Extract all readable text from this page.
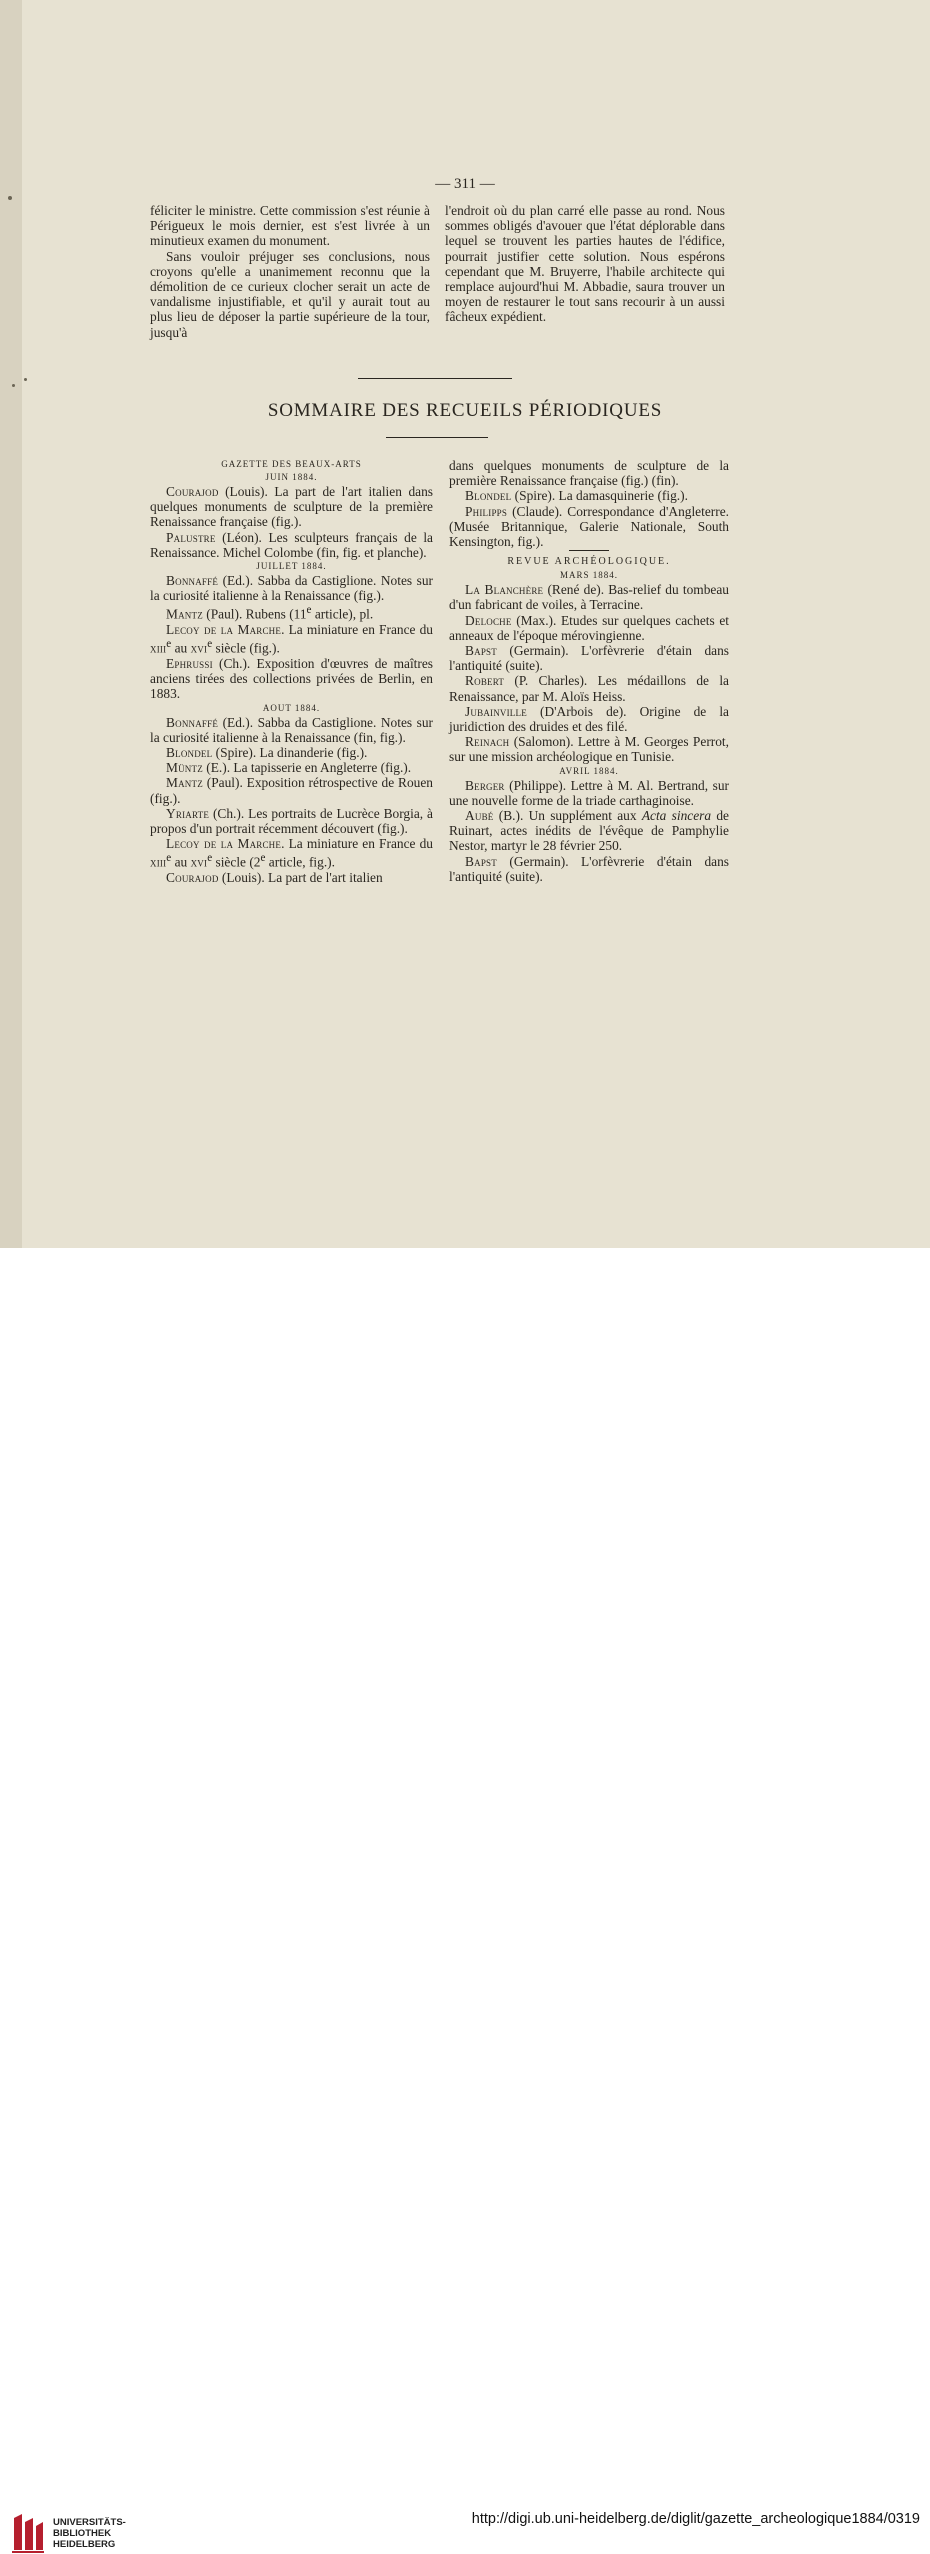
— 311 —

féliciter le ministre. Cette commission s'est réunie à Périgueux le mois dernier, est s'est livrée à un minutieux examen du monument.

Sans vouloir préjuger ses conclusions, nous croyons qu'elle a unanimement reconnu que la démolition de ce curieux clocher serait un acte de vandalisme injustifiable, et qu'il y aurait tout au plus lieu de déposer la partie supérieure de la tour, jusqu'à

l'endroit où du plan carré elle passe au rond. Nous sommes obligés d'avouer que l'état déplorable dans lequel se trouvent les parties hautes de l'édifice, pourrait justifier cette solution. Nous espérons cependant que M. Bruyerre, l'habile architecte qui remplace aujourd'hui M. Abbadie, saura trouver un moyen de restaurer le tout sans recourir à un aussi fâcheux expédient.

SOMMAIRE DES RECUEILS PÉRIODIQUES
GAZETTE DES BEAUX-ARTS
JUIN 1884.

Courajod (Louis). La part de l'art italien dans quelques monuments de sculpture de la première Renaissance française (fig.).

Palustre (Léon). Les sculpteurs français de la Renaissance. Michel Colombe (fin, fig. et planche).

JUILLET 1884.

Bonnaffé (Ed.). Sabba da Castiglione. Notes sur la curiosité italienne à la Renaissance (fig.).

Mantz (Paul). Rubens (11e article), pl.

Lecoy de la Marche. La miniature en France du xiii$^e$ au xvi$^e$ siècle (fig.).

Ephrussi (Ch.). Exposition d'œuvres de maîtres anciens tirées des collections privées de Berlin, en 1883.

AOUT 1884.

Bonnaffé (Ed.). Sabba da Castiglione. Notes sur la curiosité italienne à la Renaissance (fin, fig.).

Blondel (Spire). La dinanderie (fig.).

Müntz (E.). La tapisserie en Angleterre (fig.).

Mantz (Paul). Exposition rétrospective de Rouen (fig.).

Yriarte (Ch.). Les portraits de Lucrèce Borgia, à propos d'un portrait récemment découvert (fig.).

Lecoy de la Marche. La miniature en France du xiii$^e$ au xvi$^e$ siècle (2e article, fig.).

Courajod (Louis). La part de l'art italien

dans quelques monuments de sculpture de la première Renaissance française (fig.) (fin).

Blondel (Spire). La damasquinerie (fig.).

Philipps (Claude). Correspondance d'Angleterre. (Musée Britannique, Galerie Nationale, South Kensington, fig.).

REVUE ARCHÉOLOGIQUE.
MARS 1884.

La Blanchère (René de). Bas-relief du tombeau d'un fabricant de voiles, à Terracine.

Deloche (Max.). Etudes sur quelques cachets et anneaux de l'époque mérovingienne.

Bapst (Germain). L'orfèvrerie d'étain dans l'antiquité (suite).

Robert (P. Charles). Les médaillons de la Renaissance, par M. Aloïs Heiss.

Jubainville (D'Arbois de). Origine de la juridiction des druides et des filé.

Reinach (Salomon). Lettre à M. Georges Perrot, sur une mission archéologique en Tunisie.

AVRIL 1884.

Berger (Philippe). Lettre à M. Al. Bertrand, sur une nouvelle forme de la triade carthaginoise.

Aubé (B.). Un supplément aux Acta sincera de Ruinart, actes inédits de l'évêque de Pamphylie Nestor, martyr le 28 février 250.

Bapst (Germain). L'orfèvrerie d'étain dans l'antiquité (suite).

UNIVERSITÄTS-
BIBLIOTHEK
HEIDELBERG
http://digi.ub.uni-heidelberg.de/diglit/gazette_archeologique1884/0319
